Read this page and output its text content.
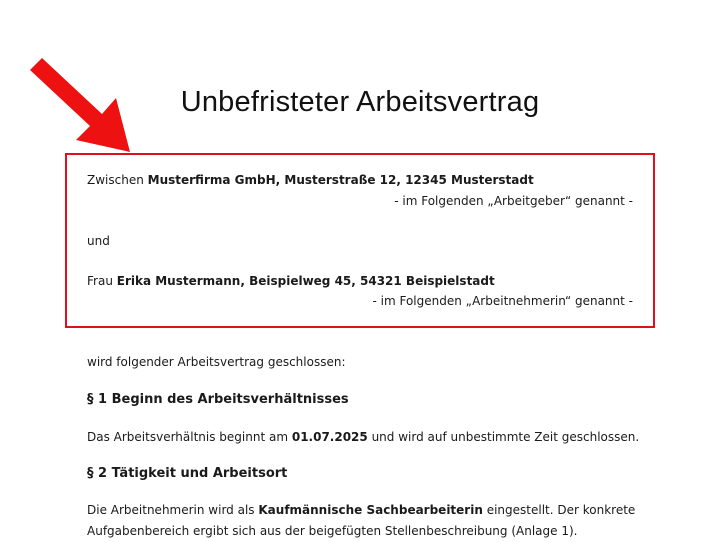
Unbefristeter Arbeitsvertrag
Zwischen Musterfirma GmbH, Musterstraße 12, 12345 Musterstadt
- im Folgenden „Arbeitgeber“ genannt -
und
Frau Erika Mustermann, Beispielweg 45, 54321 Beispielstadt
- im Folgenden „Arbeitnehmerin“ genannt -
wird folgender Arbeitsvertrag geschlossen:
§ 1 Beginn des Arbeitsverhältnisses
Das Arbeitsverhältnis beginnt am 01.07.2025 und wird auf unbestimmte Zeit geschlossen.
§ 2 Tätigkeit und Arbeitsort
Die Arbeitnehmerin wird als Kaufmännische Sachbearbeiterin eingestellt. Der konkrete
Aufgabenbereich ergibt sich aus der beigefügten Stellenbeschreibung (Anlage 1).
